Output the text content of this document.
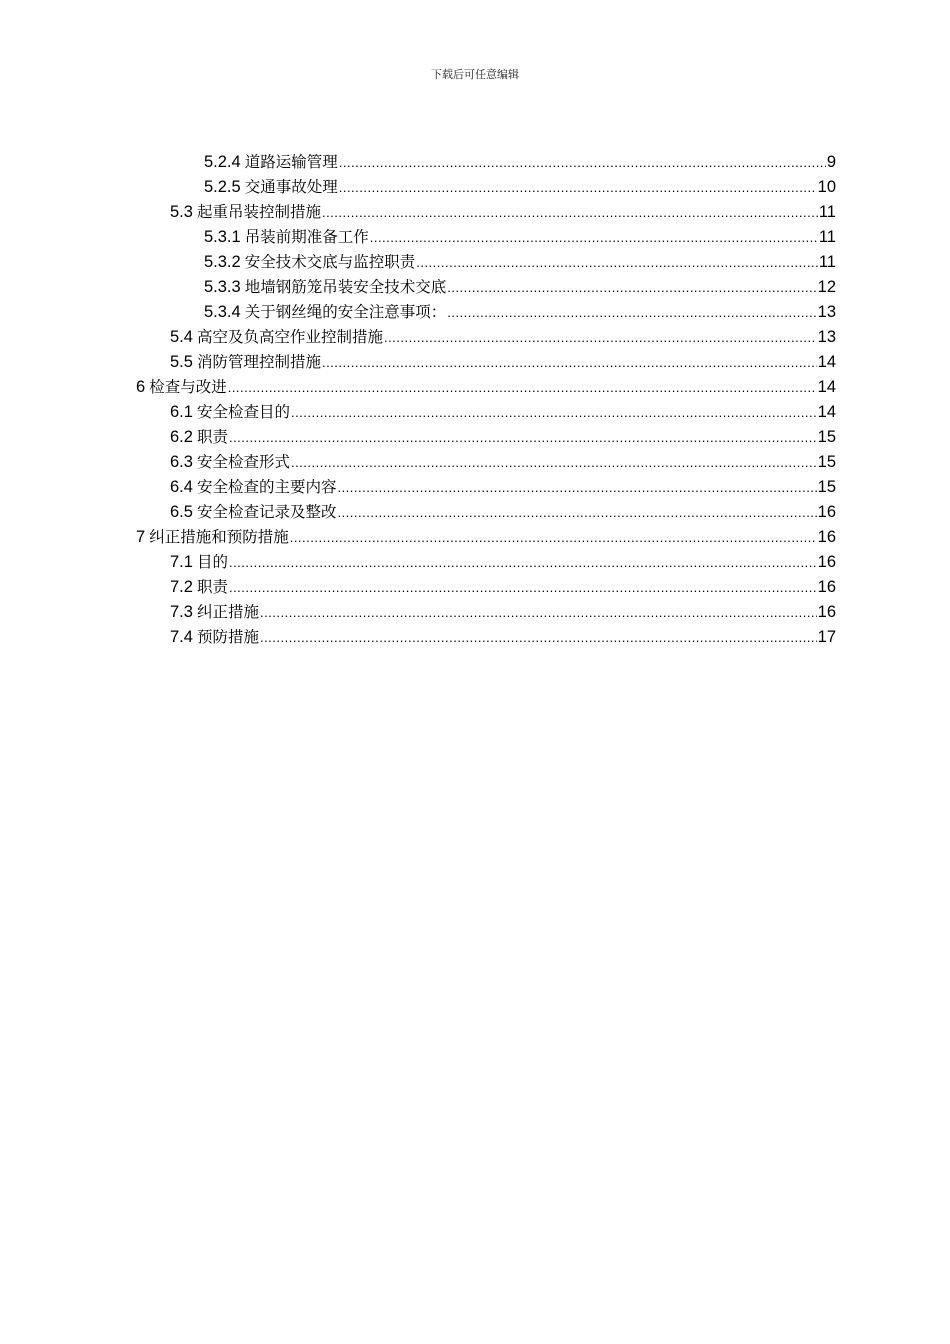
下载后可任意编辑
5.2.4 道路运输管理 .....	9
5.2.5 交通事故处理 .....	10
5.3 起重吊装控制措施 .....	11
5.3.1 吊装前期准备工作 .....	11
5.3.2 安全技术交底与监控职责 .....	11
5.3.3 地墙钢筋笼吊装安全技术交底 .....	12
5.3.4 关于钢丝绳的安全注意事项： .....	13
5.4 高空及负高空作业控制措施 .....	13
5.5 消防管理控制措施 .....	14
6 检查与改进 .....	14
6.1 安全检查目的 .....	14
6.2 职责 .....	15
6.3 安全检查形式 .....	15
6.4 安全检查的主要内容 .....	15
6.5 安全检查记录及整改 .....	16
7 纠正措施和预防措施 .....	16
7.1 目的 .....	16
7.2 职责 .....	16
7.3 纠正措施 .....	16
7.4 预防措施 .....	17
